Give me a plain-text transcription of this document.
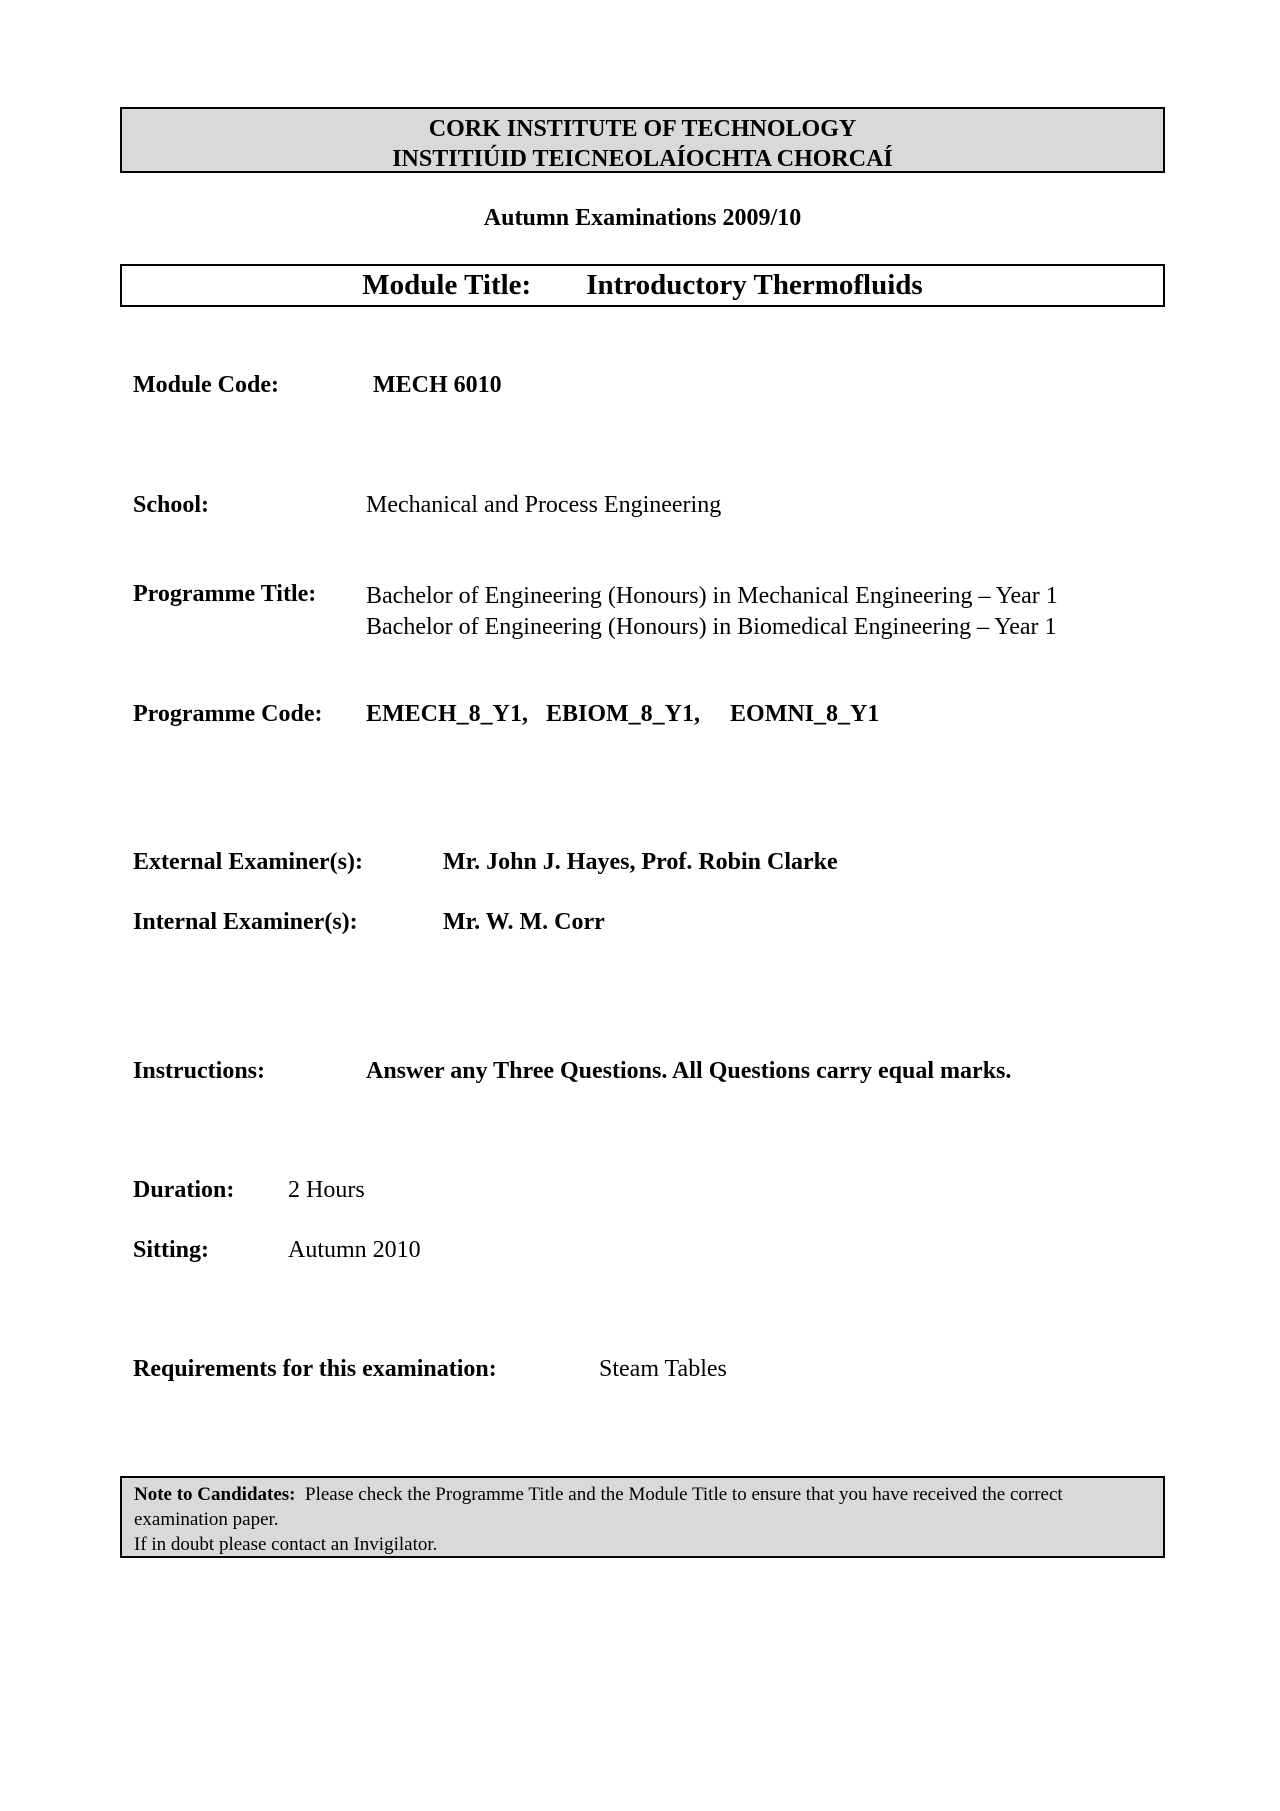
CORK INSTITUTE OF TECHNOLOGY
INSTITIÚID TEICNEOLAÍOCHTA CHORCAÍ
Autumn Examinations 2009/10
Module Title: Introductory Thermofluids
Module Code:	MECH 6010
School:	Mechanical and Process Engineering
Programme Title: Bachelor of Engineering (Honours) in Mechanical Engineering – Year 1
Bachelor of Engineering (Honours) in Biomedical Engineering – Year 1
Programme Code: EMECH_8_Y1, EBIOM_8_Y1, EOMNI_8_Y1
External Examiner(s):	Mr. John J. Hayes, Prof. Robin Clarke
Internal Examiner(s):	Mr. W. M. Corr
Instructions:	Answer any Three Questions. All Questions carry equal marks.
Duration: 2 Hours
Sitting:	Autumn 2010
Requirements for this examination:	Steam Tables
Note to Candidates: Please check the Programme Title and the Module Title to ensure that you have received the correct examination paper.
If in doubt please contact an Invigilator.
